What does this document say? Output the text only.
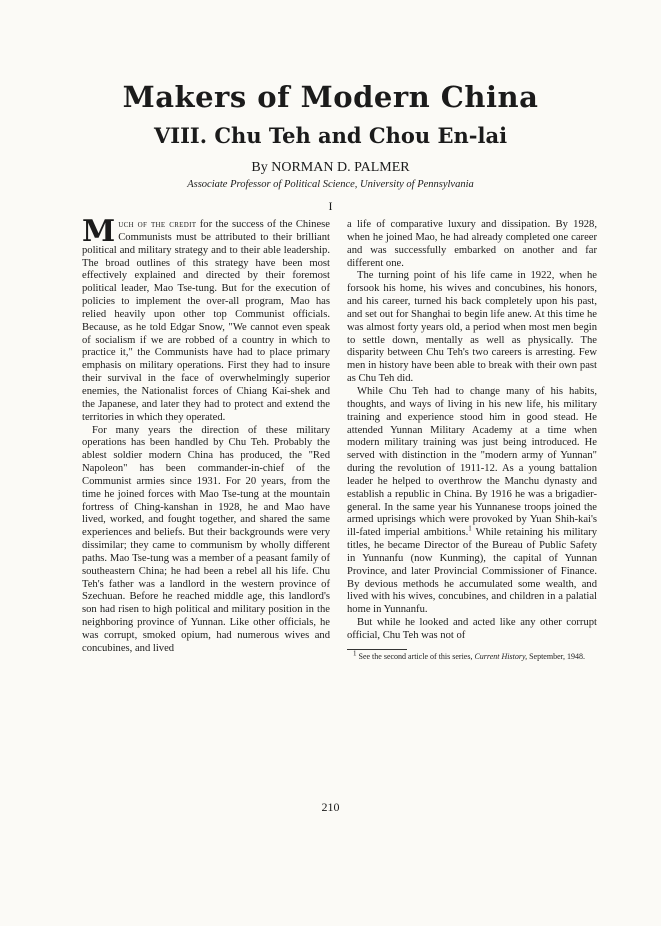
Makers of Modern China
VIII. Chu Teh and Chou En-lai
By NORMAN D. PALMER
Associate Professor of Political Science, University of Pennsylvania
I

Much of the credit for the success of the Chinese Communists must be attributed to their brilliant political and military strategy and to their able leadership. The broad outlines of this strategy have been most effectively explained and directed by their foremost political leader, Mao Tse-tung. But for the execution of policies to implement the over-all program, Mao has relied heavily upon other top Communist officials. Because, as he told Edgar Snow, "We cannot even speak of socialism if we are robbed of a country in which to practice it," the Communists have had to place primary emphasis on military operations. First they had to insure their survival in the face of overwhelmingly superior enemies, the Nationalist forces of Chiang Kai-shek and the Japanese, and later they had to protect and extend the territories in which they operated.

For many years the direction of these military operations has been handled by Chu Teh. Probably the ablest soldier modern China has produced, the "Red Napoleon" has been commander-in-chief of the Communist armies since 1931. For 20 years, from the time he joined forces with Mao Tse-tung at the mountain fortress of Ching-kanshan in 1928, he and Mao have lived, worked, and fought together, and shared the same experiences and beliefs. But their backgrounds were very dissimilar; they came to communism by wholly different paths. Mao Tse-tung was a member of a peasant family of southeastern China; he had been a rebel all his life. Chu Teh's father was a landlord in the western province of Szechuan. Before he reached middle age, this landlord's son had risen to high political and military position in the neighboring province of Yunnan. Like other officials, he was corrupt, smoked opium, had numerous wives and concubines, and lived

a life of comparative luxury and dissipation. By 1928, when he joined Mao, he had already completed one career and was successfully embarked on another and far different one.

The turning point of his life came in 1922, when he forsook his home, his wives and concubines, his honors, and his career, turned his back completely upon his past, and set out for Shanghai to begin life anew. At this time he was almost forty years old, a period when most men begin to settle down, mentally as well as physically. The disparity between Chu Teh's two careers is arresting. Few men in history have been able to break with their own past as Chu Teh did.

While Chu Teh had to change many of his habits, thoughts, and ways of living in his new life, his military training and experience stood him in good stead. He attended Yunnan Military Academy at a time when modern military training was just being introduced. He served with distinction in the "modern army of Yunnan" during the revolution of 1911-12. As a young battalion leader he helped to overthrow the Manchu dynasty and establish a republic in China. By 1916 he was a brigadier-general. In the same year his Yunnanese troops joined the armed uprisings which were provoked by Yuan Shih-kai's ill-fated imperial ambitions.$^1$ While retaining his military titles, he became Director of the Bureau of Public Safety in Yunnanfu (now Kunming), the capital of Yunnan Province, and later Provincial Commissioner of Finance. By devious methods he accumulated some wealth, and lived with his wives, concubines, and children in a palatial home in Yunnanfu.

But while he looked and acted like any other corrupt official, Chu Teh was not of

$^1$ See the second article of this series, Current History, September, 1948.
210
